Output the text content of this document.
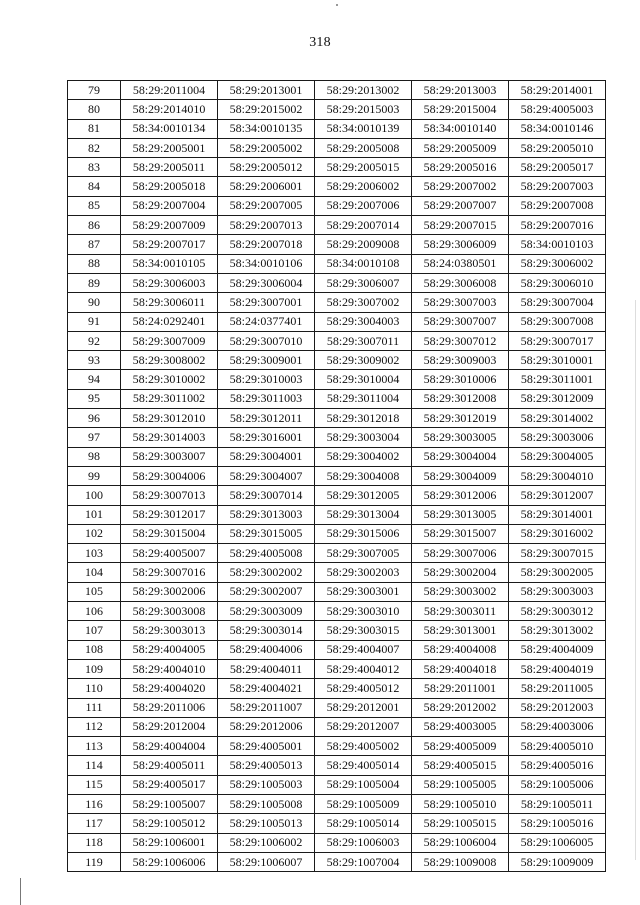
318
79	58:29:2011004	58:29:2013001	58:29:2013002	58:29:2013003	58:29:2014001
80	58:29:2014010	58:29:2015002	58:29:2015003	58:29:2015004	58:29:4005003
81	58:34:0010134	58:34:0010135	58:34:0010139	58:34:0010140	58:34:0010146
82	58:29:2005001	58:29:2005002	58:29:2005008	58:29:2005009	58:29:2005010
83	58:29:2005011	58:29:2005012	58:29:2005015	58:29:2005016	58:29:2005017
84	58:29:2005018	58:29:2006001	58:29:2006002	58:29:2007002	58:29:2007003
85	58:29:2007004	58:29:2007005	58:29:2007006	58:29:2007007	58:29:2007008
86	58:29:2007009	58:29:2007013	58:29:2007014	58:29:2007015	58:29:2007016
87	58:29:2007017	58:29:2007018	58:29:2009008	58:29:3006009	58:34:0010103
88	58:34:0010105	58:34:0010106	58:34:0010108	58:24:0380501	58:29:3006002
89	58:29:3006003	58:29:3006004	58:29:3006007	58:29:3006008	58:29:3006010
90	58:29:3006011	58:29:3007001	58:29:3007002	58:29:3007003	58:29:3007004
91	58:24:0292401	58:24:0377401	58:29:3004003	58:29:3007007	58:29:3007008
92	58:29:3007009	58:29:3007010	58:29:3007011	58:29:3007012	58:29:3007017
93	58:29:3008002	58:29:3009001	58:29:3009002	58:29:3009003	58:29:3010001
94	58:29:3010002	58:29:3010003	58:29:3010004	58:29:3010006	58:29:3011001
95	58:29:3011002	58:29:3011003	58:29:3011004	58:29:3012008	58:29:3012009
96	58:29:3012010	58:29:3012011	58:29:3012018	58:29:3012019	58:29:3014002
97	58:29:3014003	58:29:3016001	58:29:3003004	58:29:3003005	58:29:3003006
98	58:29:3003007	58:29:3004001	58:29:3004002	58:29:3004004	58:29:3004005
99	58:29:3004006	58:29:3004007	58:29:3004008	58:29:3004009	58:29:3004010
100	58:29:3007013	58:29:3007014	58:29:3012005	58:29:3012006	58:29:3012007
101	58:29:3012017	58:29:3013003	58:29:3013004	58:29:3013005	58:29:3014001
102	58:29:3015004	58:29:3015005	58:29:3015006	58:29:3015007	58:29:3016002
103	58:29:4005007	58:29:4005008	58:29:3007005	58:29:3007006	58:29:3007015
104	58:29:3007016	58:29:3002002	58:29:3002003	58:29:3002004	58:29:3002005
105	58:29:3002006	58:29:3002007	58:29:3003001	58:29:3003002	58:29:3003003
106	58:29:3003008	58:29:3003009	58:29:3003010	58:29:3003011	58:29:3003012
107	58:29:3003013	58:29:3003014	58:29:3003015	58:29:3013001	58:29:3013002
108	58:29:4004005	58:29:4004006	58:29:4004007	58:29:4004008	58:29:4004009
109	58:29:4004010	58:29:4004011	58:29:4004012	58:29:4004018	58:29:4004019
110	58:29:4004020	58:29:4004021	58:29:4005012	58:29:2011001	58:29:2011005
111	58:29:2011006	58:29:2011007	58:29:2012001	58:29:2012002	58:29:2012003
112	58:29:2012004	58:29:2012006	58:29:2012007	58:29:4003005	58:29:4003006
113	58:29:4004004	58:29:4005001	58:29:4005002	58:29:4005009	58:29:4005010
114	58:29:4005011	58:29:4005013	58:29:4005014	58:29:4005015	58:29:4005016
115	58:29:4005017	58:29:1005003	58:29:1005004	58:29:1005005	58:29:1005006
116	58:29:1005007	58:29:1005008	58:29:1005009	58:29:1005010	58:29:1005011
117	58:29:1005012	58:29:1005013	58:29:1005014	58:29:1005015	58:29:1005016
118	58:29:1006001	58:29:1006002	58:29:1006003	58:29:1006004	58:29:1006005
119	58:29:1006006	58:29:1006007	58:29:1007004	58:29:1009008	58:29:1009009
